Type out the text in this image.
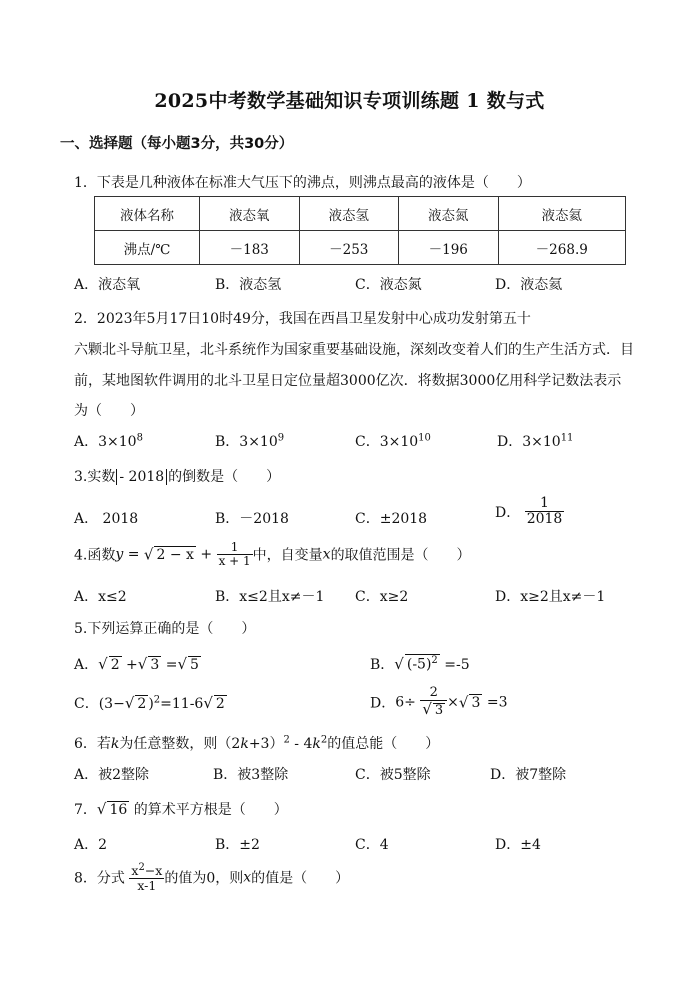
2025中考数学基础知识专项训练题 1 数与式
一、选择题（每小题3分，共30分）
1．下表是几种液体在标准大气压下的沸点，则沸点最高的液体是（　　）
液体名称	液态氧	液态氢	液态氮	液态氦
沸点/℃	－183	－253	－196	－268.9
A．液态氧	B．液态氢	C．液态氮	D．液态氦
2．2023年5月17日10时49分，我国在西昌卫星发射中心成功发射第五十
六颗北斗导航卫星，北斗系统作为国家重要基础设施，深刻改变着人们的生产生活方式．目
前，某地图软件调用的北斗卫星日定位量超3000亿次．将数据3000亿用科学记数法表示
为（　　）
A．$3\times 10^8$	B．$3\times 10^9$	C．$3\times 10^{10}$	D．$3\times 10^{11}$
3.实数 - 2018 的倒数是（　　）
A． 2018	B．－2018	C．±2018	D． $\frac{1}{2018}$
4.函数y = √ $2 - x + \frac{1}{x + 1}$ 中，自变量x的取值范围是（　　）
A．x≤2	B．x≤2且x≠－1 C．x≥2	D．x≥2且x≠－1
5.下列运算正确的是（　　）
A．√ 2 +√ 3 =√ 5	B．√ $(-5)^2 =-5$
C．(3−√ 2 )$^2$=11-6√ 2	D．$6\div \frac{2}{√ 3}$ ×√ 3 =3
6．若k为任意整数，则$(2k+3)^2 - 4k^2$的值总能（　　）
A．被2整除	B．被3整除	C．被5整除	D．被7整除
7．√ 16 的算术平方根是（　　）
A．2	B．±2	C．4	D．±4
8．分式 $\frac{x^2-x}{x-1}$ 的值为0，则x的值是（　　）
